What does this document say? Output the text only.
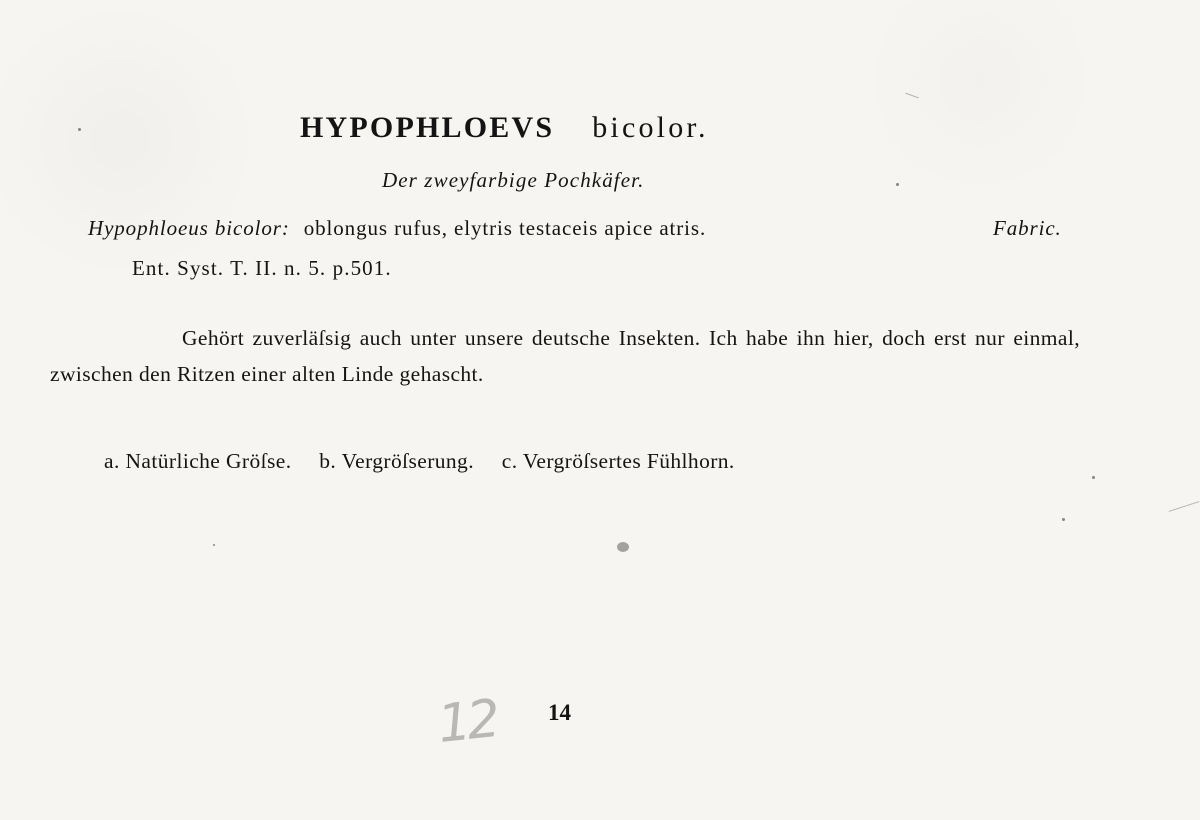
HYPOPHLOEVS bicolor.
Der zweyfarbige Pochkäfer.
Hypophloeus bicolor: oblongus rufus, elytris testaceis apice atris.	Fabric.
Ent. Syst. T. II. n. 5. p.501.
Gehört zuverläſsig auch unter unsere deutsche Insekten. Ich habe ihn hier, doch erst nur einmal, zwischen den Ritzen einer alten Linde gehascht.
a. Natürliche Gröſse. b. Vergröſserung. c. Vergröſsertes Fühlhorn.
12 14
